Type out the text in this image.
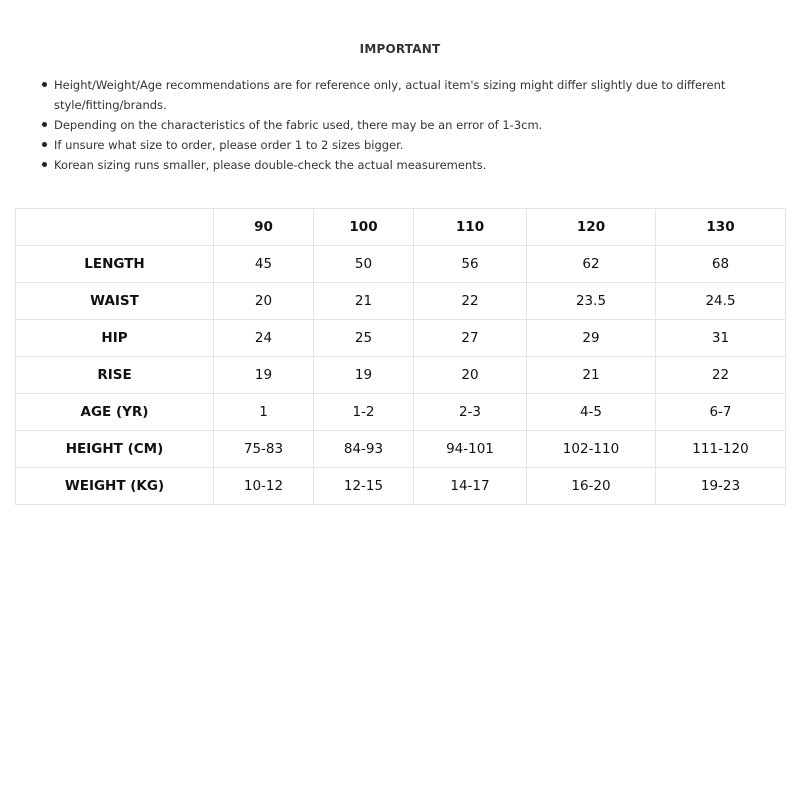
IMPORTANT
Height/Weight/Age recommendations are for reference only, actual item's sizing might differ slightly due to different style/fitting/brands.
Depending on the characteristics of the fabric used, there may be an error of 1-3cm.
If unsure what size to order, please order 1 to 2 sizes bigger.
Korean sizing runs smaller, please double-check the actual measurements.
	90	100	110	120	130
LENGTH	45	50	56	62	68
WAIST	20	21	22	23.5	24.5
HIP	24	25	27	29	31
RISE	19	19	20	21	22
AGE (YR)	1	1-2	2-3	4-5	6-7
HEIGHT (CM)	75-83	84-93	94-101	102-110	111-120
WEIGHT (KG)	10-12	12-15	14-17	16-20	19-23
